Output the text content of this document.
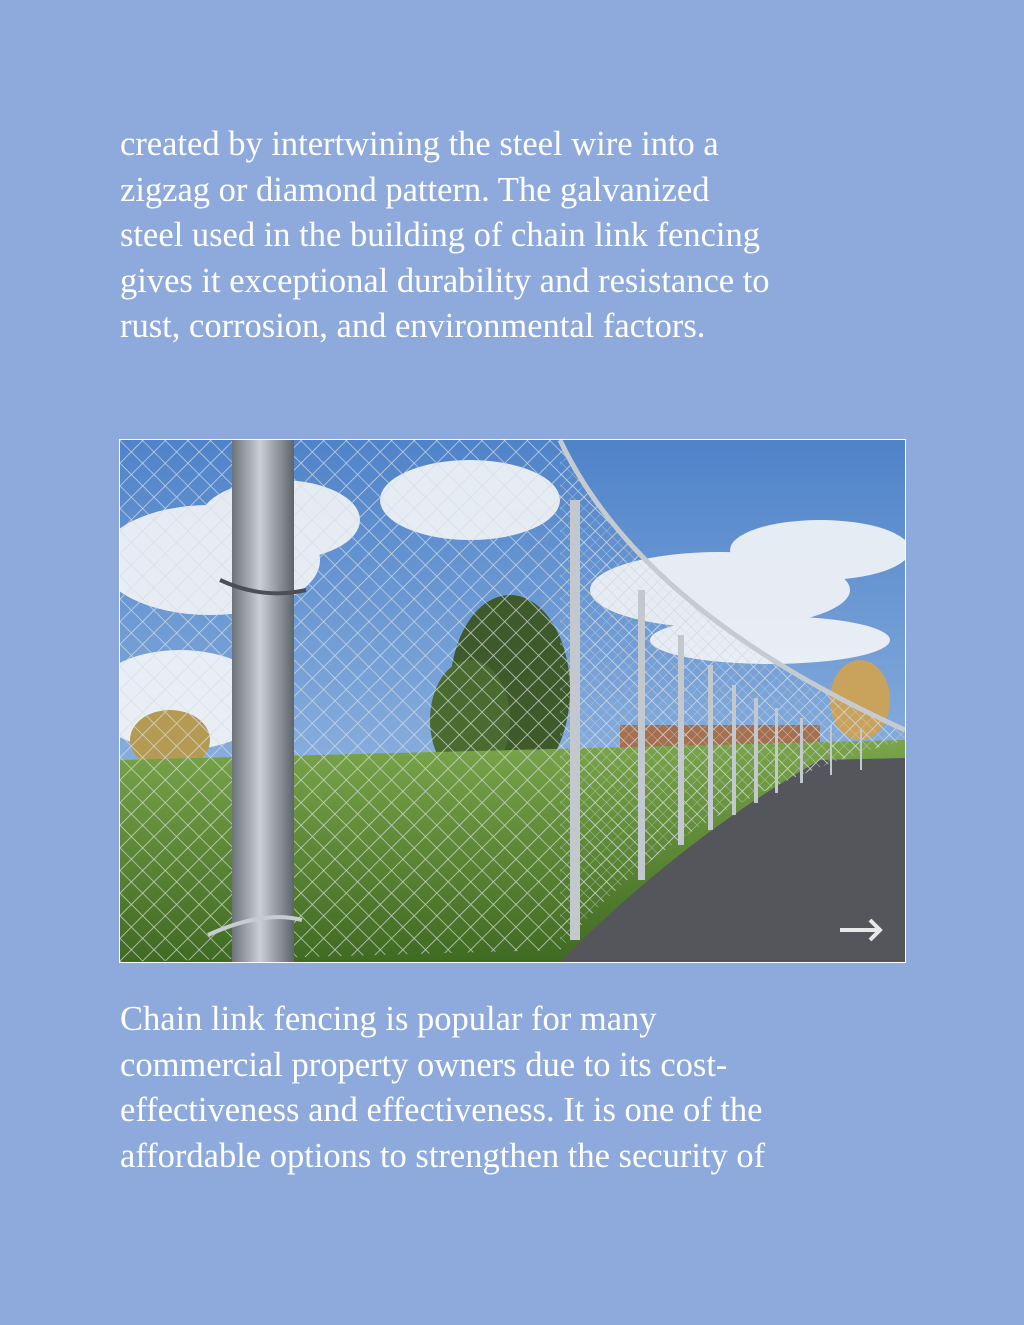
created by intertwining the steel wire into a
zigzag or diamond pattern. The galvanized
steel used in the building of chain link fencing
gives it exceptional durability and resistance to
rust, corrosion, and environmental factors.
Chain link fencing is popular for many
commercial property owners due to its cost-
effectiveness and effectiveness. It is one of the
affordable options to strengthen the security of
